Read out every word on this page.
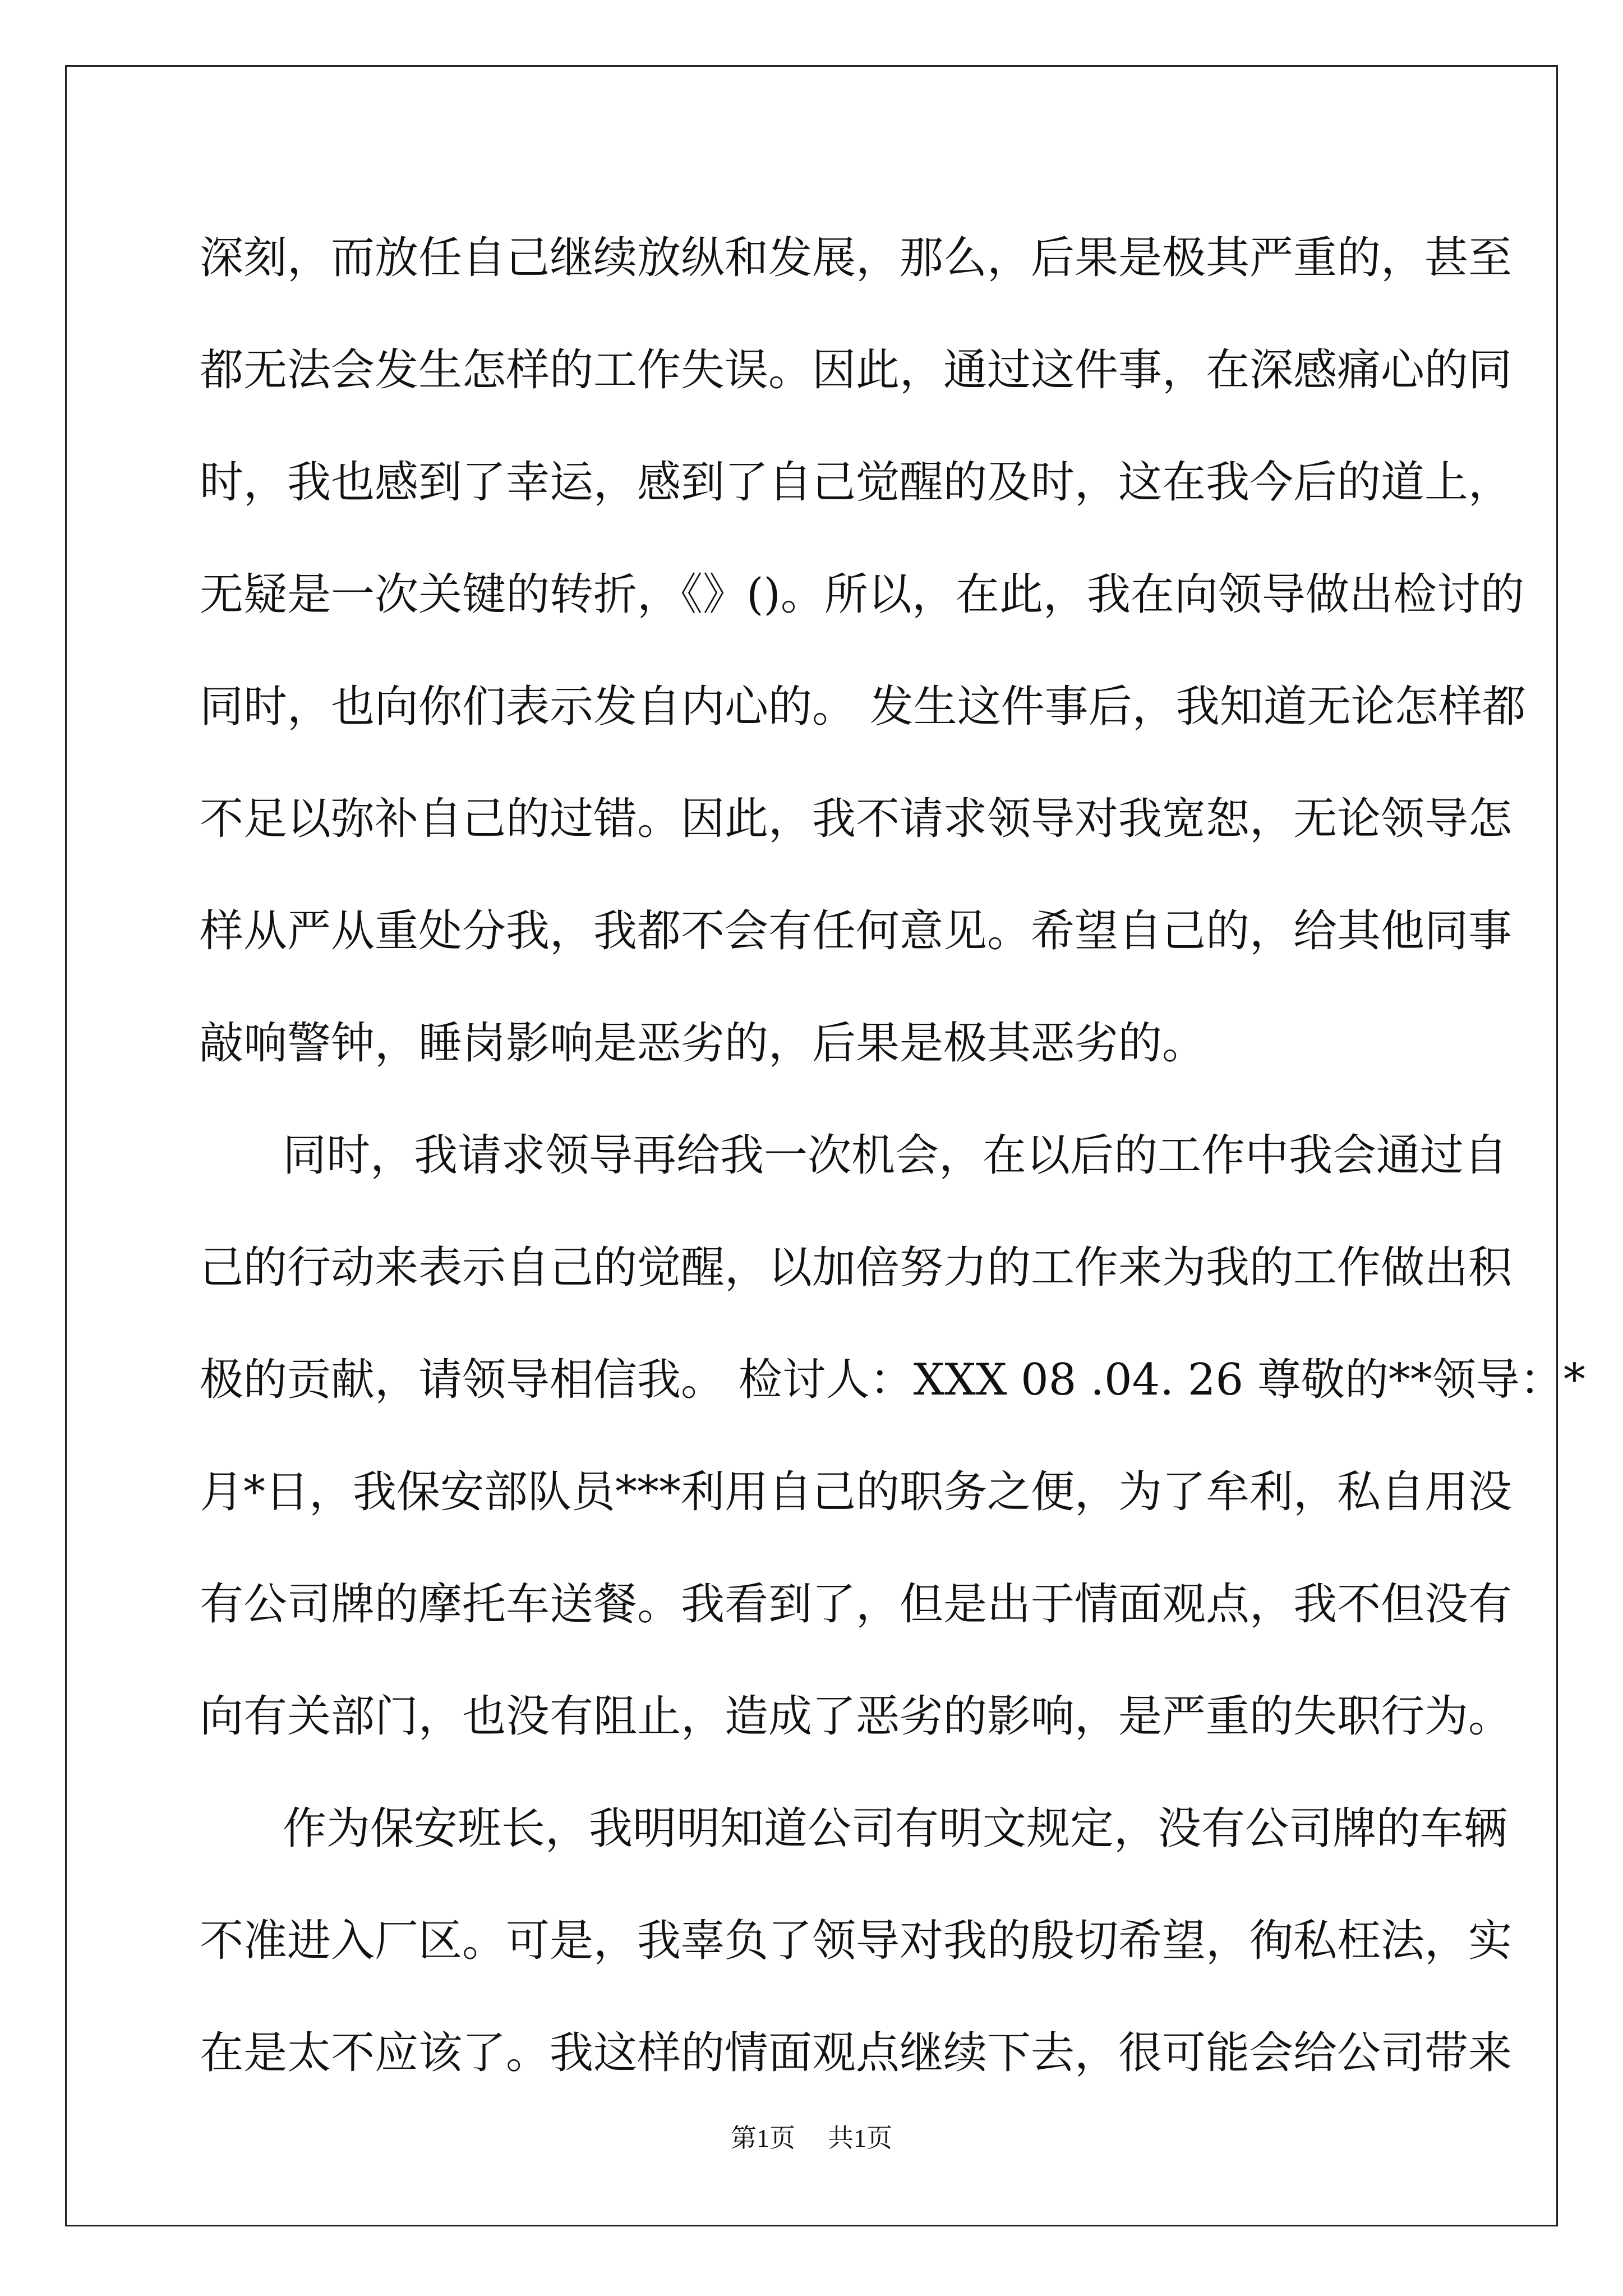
深刻，而放任自己继续放纵和发展，那么，后果是极其严重的，甚至
都无法会发生怎样的工作失误。因此，通过这件事，在深感痛心的同
时，我也感到了幸运，感到了自己觉醒的及时，这在我今后的道上，
无疑是一次关键的转折，《》()。所以，在此，我在向领导做出检讨的
同时，也向你们表示发自内心的。 发生这件事后，我知道无论怎样都
不足以弥补自己的过错。因此，我不请求领导对我宽恕，无论领导怎
样从严从重处分我，我都不会有任何意见。希望自己的，给其他同事
敲响警钟，睡岗影响是恶劣的，后果是极其恶劣的。
同时，我请求领导再给我一次机会，在以后的工作中我会通过自
己的行动来表示自己的觉醒，以加倍努力的工作来为我的工作做出积
极的贡献，请领导相信我。 检讨人：XXX 08 .04. 26 尊敬的**领导：*
月*日，我保安部队员***利用自己的职务之便，为了牟利，私自用没
有公司牌的摩托车送餐。我看到了，但是出于情面观点，我不但没有
向有关部门，也没有阻止，造成了恶劣的影响，是严重的失职行为。
作为保安班长，我明明知道公司有明文规定，没有公司牌的车辆
不准进入厂区。可是，我辜负了领导对我的殷切希望，徇私枉法，实
在是太不应该了。我这样的情面观点继续下去，很可能会给公司带来
第1页 共1页
